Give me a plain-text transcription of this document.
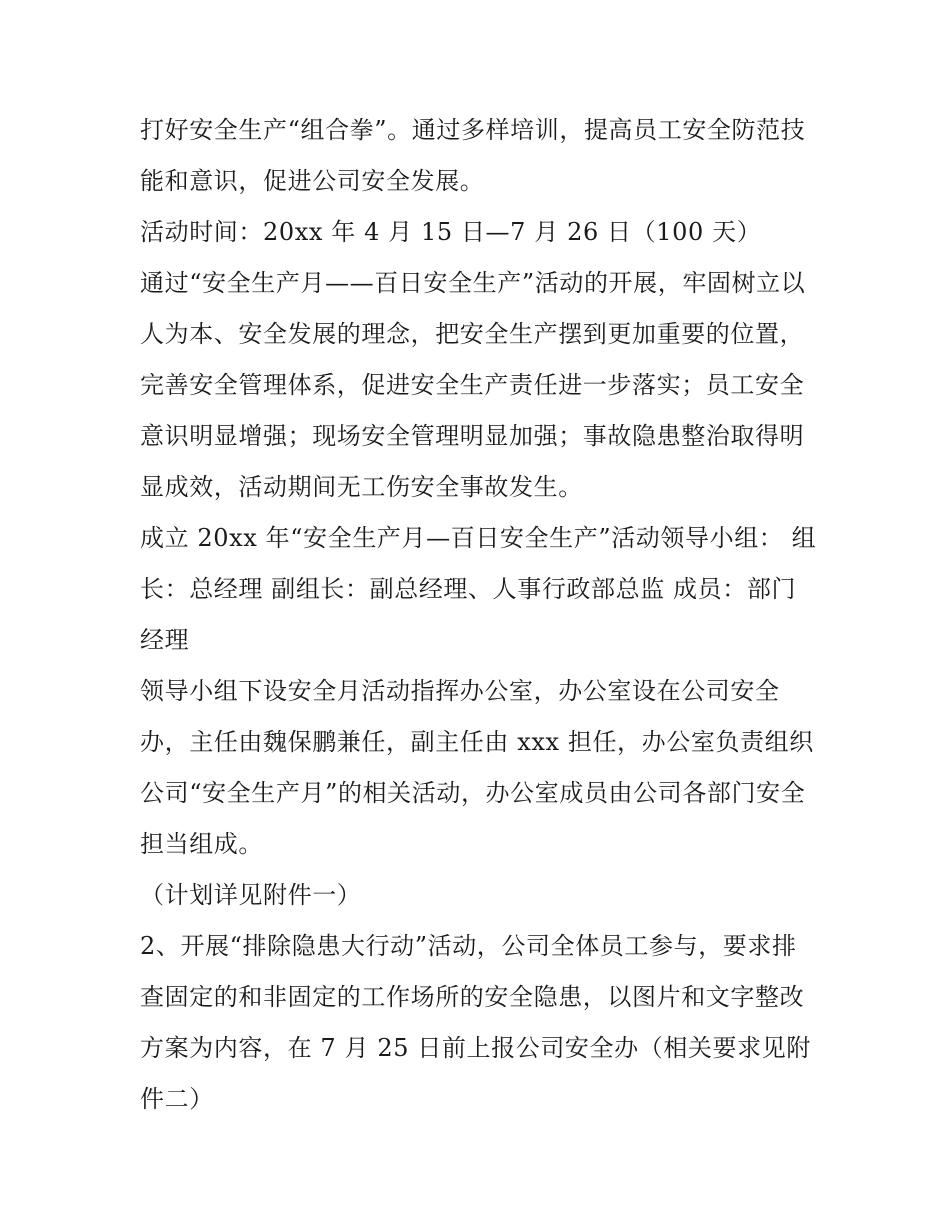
打好安全生产“组合拳”。通过多样培训，提高员工安全防范技能和意识，促进公司安全发展。

活动时间：20xx 年 4 月 15 日—7 月 26 日（100 天）

通过“安全生产月——百日安全生产”活动的开展，牢固树立以人为本、安全发展的理念，把安全生产摆到更加重要的位置，完善安全管理体系，促进安全生产责任进一步落实；员工安全意识明显增强；现场安全管理明显加强；事故隐患整治取得明显成效，活动期间无工伤安全事故发生。

成立 20xx 年“安全生产月—百日安全生产”活动领导小组： 组长：总经理 副组长：副总经理、人事行政部总监 成员：部门经理

领导小组下设安全月活动指挥办公室，办公室设在公司安全办，主任由魏保鹏兼任，副主任由 xxx 担任，办公室负责组织公司“安全生产月”的相关活动，办公室成员由公司各部门安全担当组成。

（计划详见附件一）

2、开展“排除隐患大行动”活动，公司全体员工参与，要求排查固定的和非固定的工作场所的安全隐患，以图片和文字整改方案为内容，在 7 月 25 日前上报公司安全办（相关要求见附件二）
